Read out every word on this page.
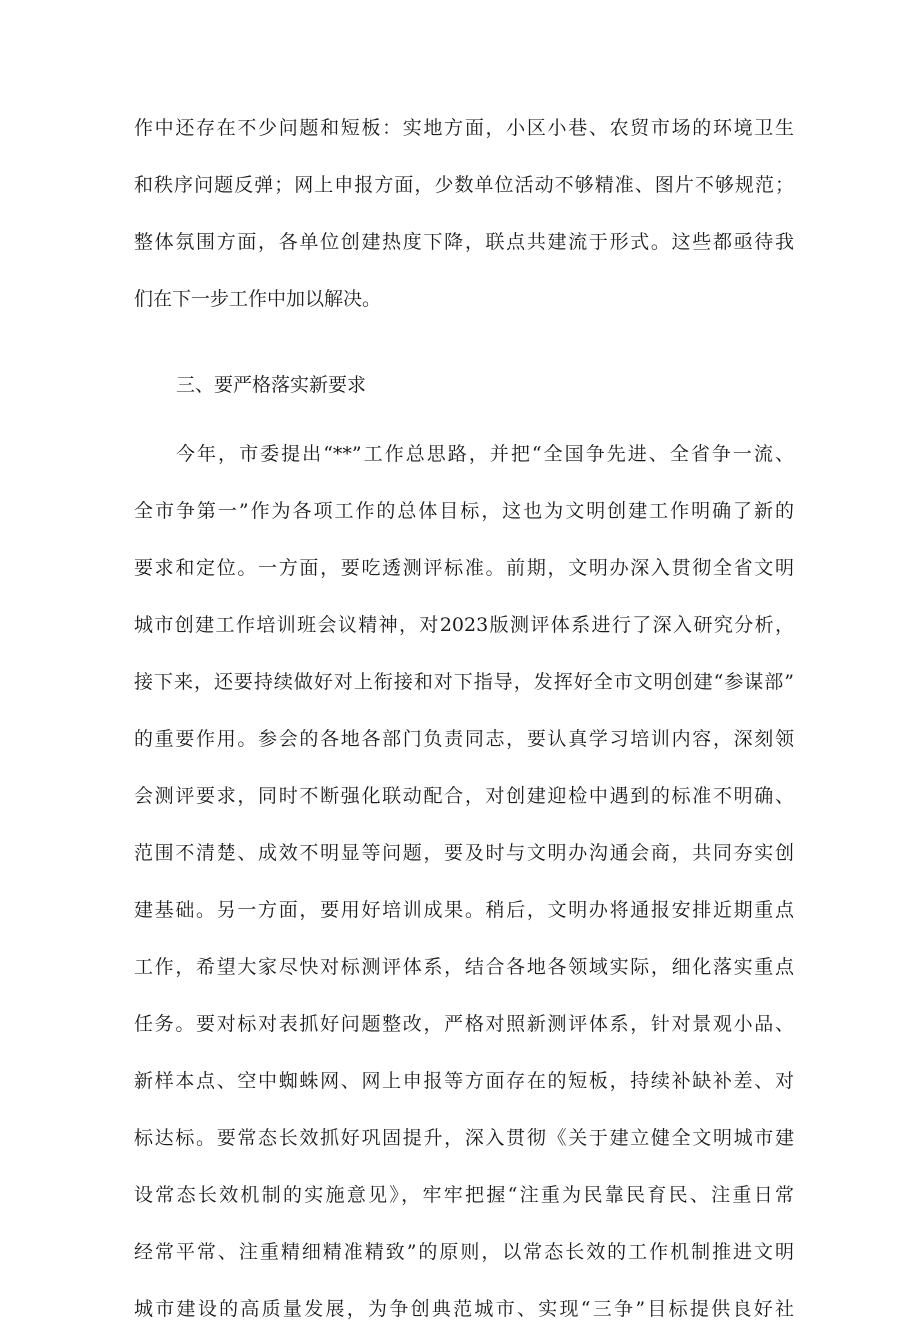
作中还存在不少问题和短板：实地方面，小区小巷、农贸市场的环境卫生
和秩序问题反弹；网上申报方面，少数单位活动不够精准、图片不够规范；
整体氛围方面，各单位创建热度下降，联点共建流于形式。这些都亟待我
们在下一步工作中加以解决。
三、要严格落实新要求
今年，市委提出“**”工作总思路，并把“全国争先进、全省争一流、
全市争第一”作为各项工作的总体目标，这也为文明创建工作明确了新的
要求和定位。一方面，要吃透测评标准。前期，文明办深入贯彻全省文明
城市创建工作培训班会议精神，对2023版测评体系进行了深入研究分析，
接下来，还要持续做好对上衔接和对下指导，发挥好全市文明创建“参谋部”
的重要作用。参会的各地各部门负责同志，要认真学习培训内容，深刻领
会测评要求，同时不断强化联动配合，对创建迎检中遇到的标准不明确、
范围不清楚、成效不明显等问题，要及时与文明办沟通会商，共同夯实创
建基础。另一方面，要用好培训成果。稍后，文明办将通报安排近期重点
工作，希望大家尽快对标测评体系，结合各地各领域实际，细化落实重点
任务。要对标对表抓好问题整改，严格对照新测评体系，针对景观小品、
新样本点、空中蜘蛛网、网上申报等方面存在的短板，持续补缺补差、对
标达标。要常态长效抓好巩固提升，深入贯彻《关于建立健全文明城市建
设常态长效机制的实施意见》，牢牢把握“注重为民靠民育民、注重日常
经常平常、注重精细精准精致”的原则，以常态长效的工作机制推进文明
城市建设的高质量发展，为争创典范城市、实现“三争”目标提供良好社
